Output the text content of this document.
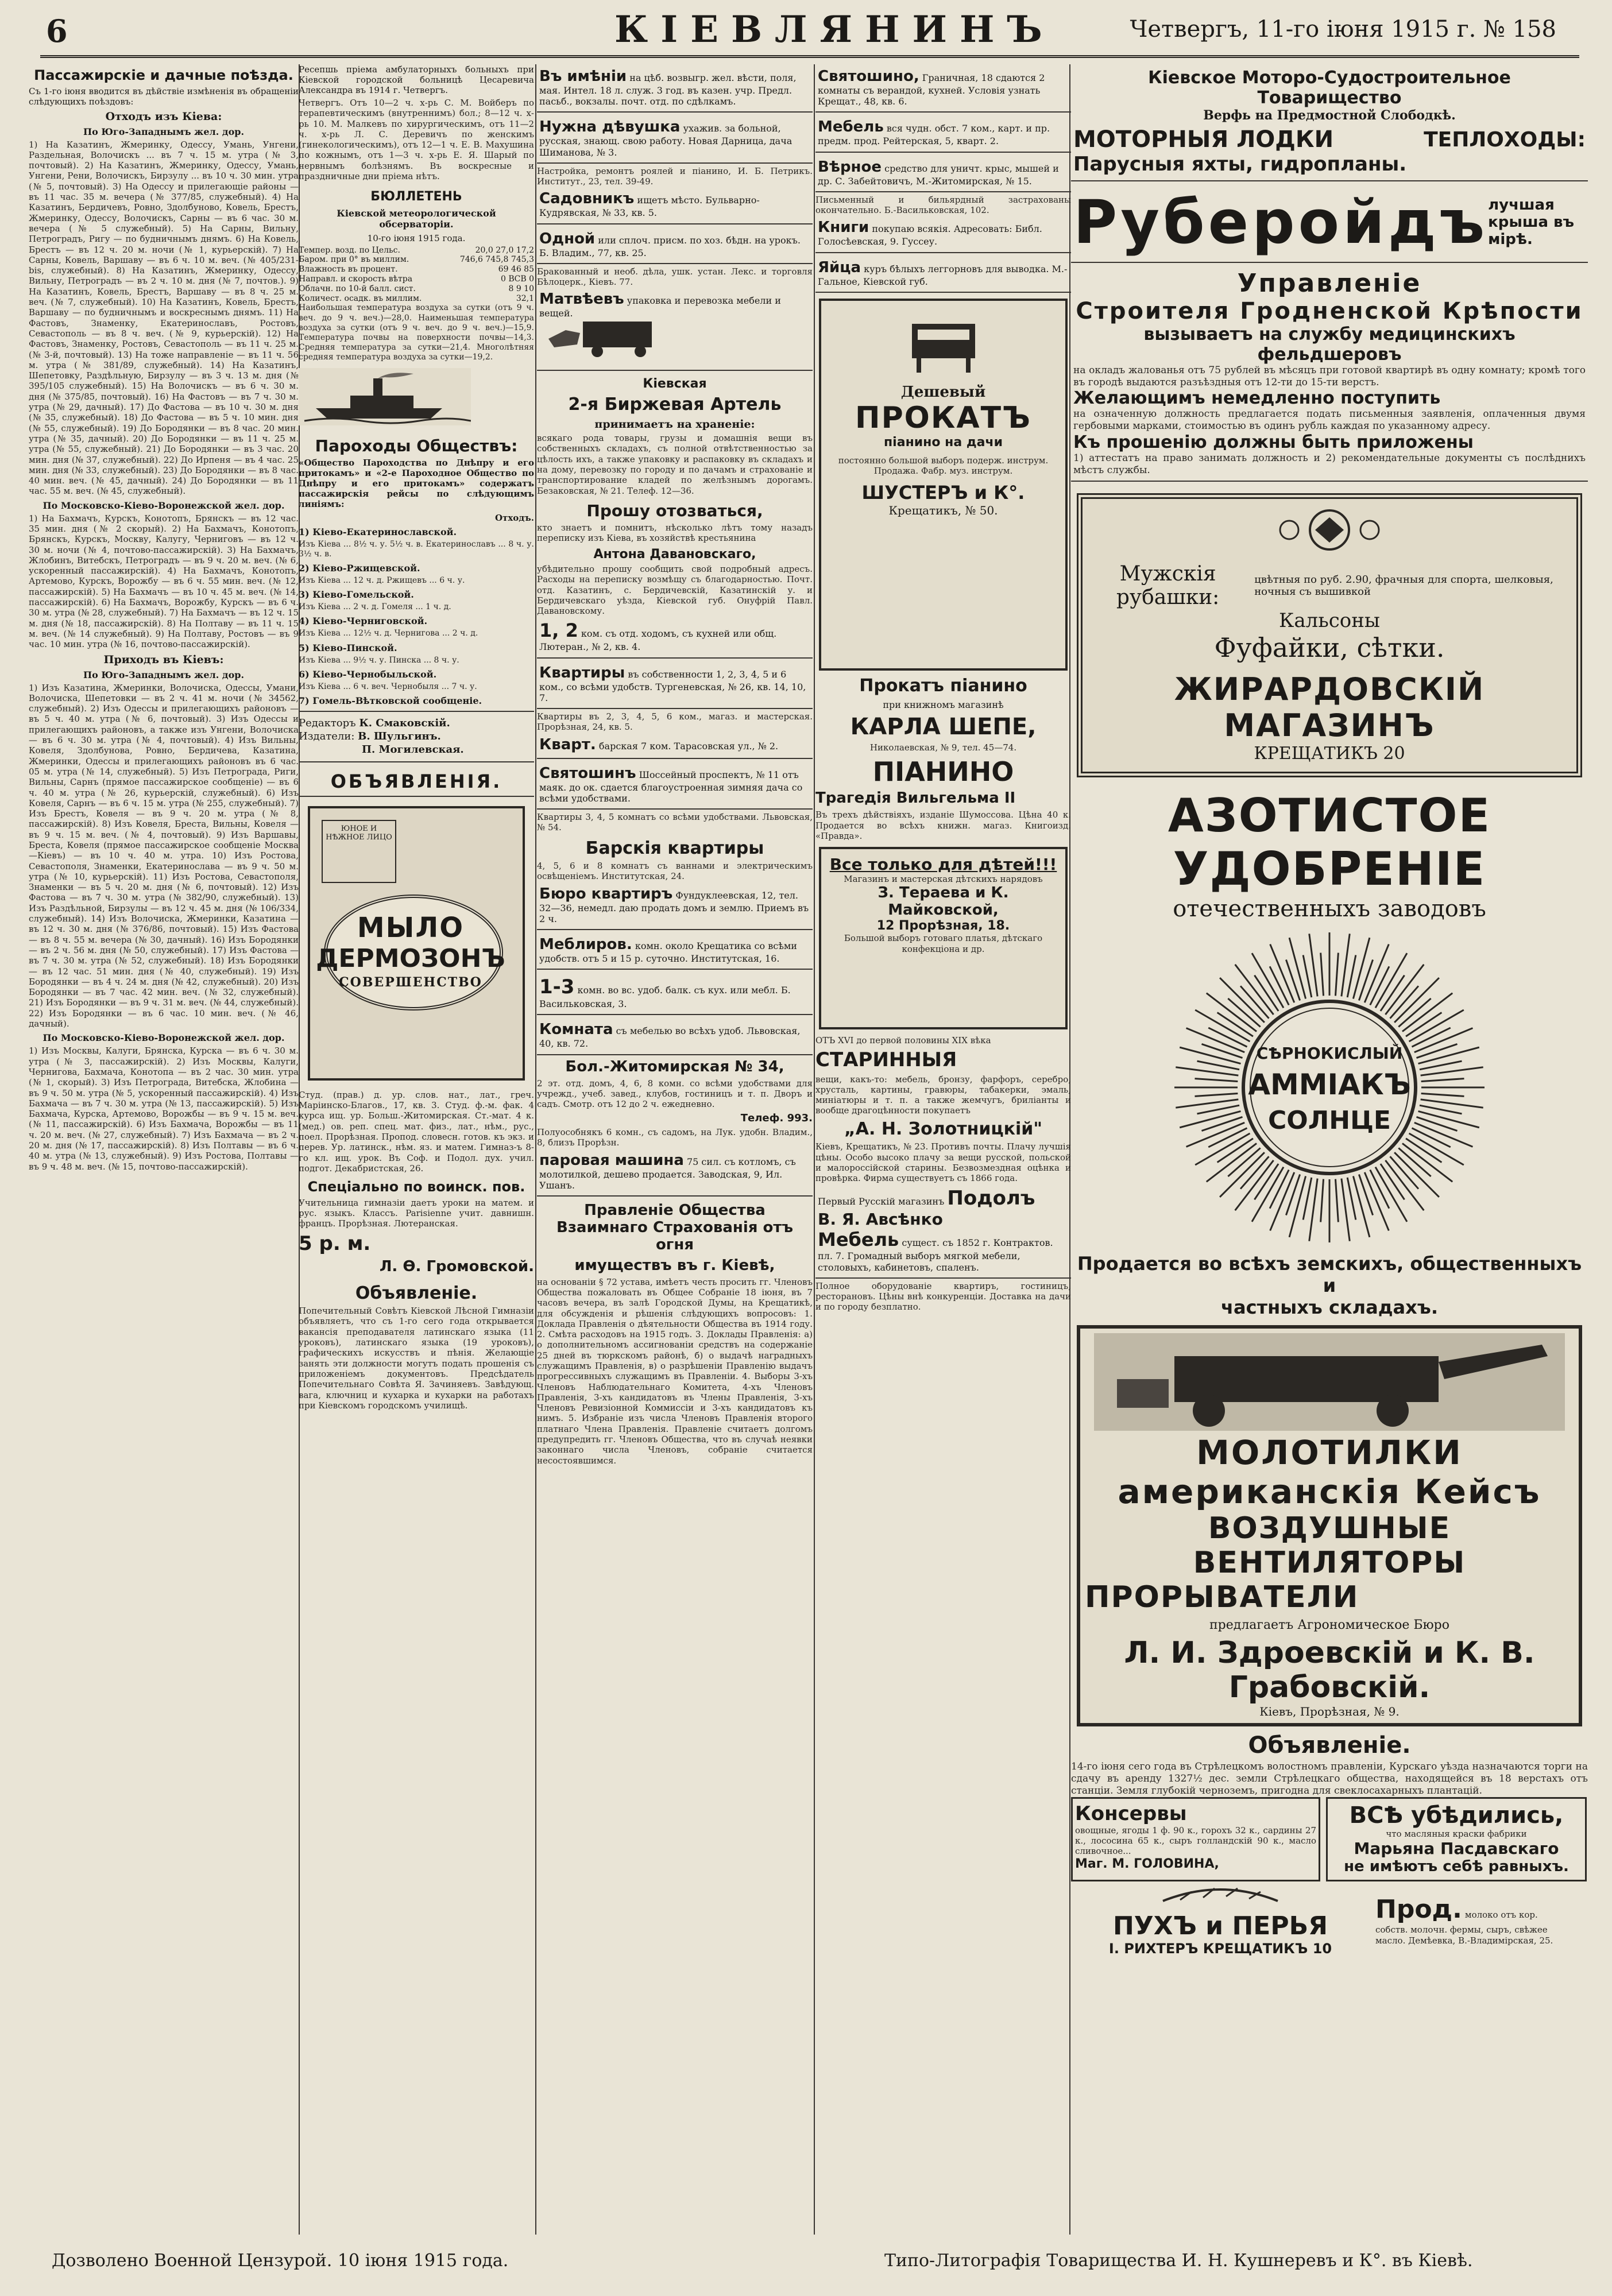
6	КІЕВЛЯНИНЪ	Четвергъ, 11-го іюня 1915 г. № 158
Пассажирскіе и дачные поѣзда.

Съ 1-го іюня вводится въ дѣйствіе измѣненія въ обращеніи слѣдующихъ поѣздовъ:

Отходъ изъ Кіева:
По Юго-Западнымъ жел. дор.

1) На Казатинъ, Жмеринку, Одессу, Умань, Унгени, Раздельная, Волочискъ ... въ 7 ч. 15 м. утра (№ 3, почтовый). 2) На Казатинъ, Жмеринку, Одессу, Умань, Унгени, Рени, Волочискъ, Бирзулу ... въ 10 ч. 30 мин. утра (№ 5, почтовый). 3) На Одессу и прилегающіе районы — въ 11 час. 35 м. вечера (№ 377/85, служебный). 4) На Казатинъ, Бердичевъ, Ровно, Здолбуново, Ковель, Брестъ, Жмеринку, Одессу, Волочискъ, Сарны — въ 6 час. 30 м. вечера (№ 5 служебный). 5) На Сарны, Вильну, Петроградъ, Ригу — по будничнымъ днямъ. 6) На Ковель, Брестъ — въ 12 ч. 20 м. ночи (№ 1, курьерскій). 7) На Сарны, Ковель, Варшаву — въ 6 ч. 10 м. веч. (№ 405/231-bis, служебный). 8) На Казатинъ, Жмеринку, Одессу, Вильну, Петроградъ — въ 2 ч. 10 м. дня (№ 7, почтов.). 9) На Казатинъ, Ковель, Брестъ, Варшаву — въ 8 ч. 25 м. веч. (№ 7, служебный). 10) На Казатинъ, Ковель, Брестъ, Варшаву — по будничнымъ и воскреснымъ днямъ. 11) На Фастовъ, Знаменку, Екатеринославъ, Ростовъ, Севастополь — въ 8 ч. веч. (№ 9, курьерскій). 12) На Фастовъ, Знаменку, Ростовъ, Севастополь — въ 11 ч. 25 м. (№ 3-й, почтовый). 13) На тоже направленіе — въ 11 ч. 56 м. утра (№ 381/89, служебный). 14) На Казатинъ, Шепетовку, Раздѣльную, Бирзулу — въ 3 ч. 13 м. дня (№ 395/105 служебный). 15) На Волочискъ — въ 6 ч. 30 м. дня (№ 375/85, почтовый). 16) На Фастовъ — въ 7 ч. 30 м. утра (№ 29, дачный). 17) До Фастова — въ 10 ч. 30 м. дня (№ 35, служебный). 18) До Фастова — въ 5 ч. 10 мин. дня (№ 55, служебный). 19) До Бородянки — въ 8 час. 20 мин. утра (№ 35, дачный). 20) До Бородянки — въ 11 ч. 25 м. утра (№ 55, служебный). 21) До Бородянки — въ 3 час. 20 мин. дня (№ 37, служебный). 22) До Ирпеня — въ 4 час. 25 мин. дня (№ 33, служебный). 23) До Бородянки — въ 8 час. 40 мин. веч. (№ 45, дачный). 24) До Бородянки — въ 11 час. 55 м. веч. (№ 45, служебный).

По Московско-Кіево-Воронежской жел. дор.

1) На Бахмачъ, Курскъ, Конотопъ, Брянскъ — въ 12 час. 35 мин. дня (№ 2 скорый). 2) На Бахмачъ, Конотопъ, Брянскъ, Курскъ, Москву, Калугу, Черниговъ — въ 12 ч. 30 м. ночи (№ 4, почтово-пассажирскій). 3) На Бахмачъ, Жлобинъ, Витебскъ, Петроградъ — въ 9 ч. 20 м. веч. (№ 6, ускоренный пассажирскій). 4) На Бахмачъ, Конотопъ, Артемово, Курскъ, Ворожбу — въ 6 ч. 55 мин. веч. (№ 12, пассажирскій). 5) На Бахмачъ — въ 10 ч. 45 м. веч. (№ 14, пассажирскій). 6) На Бахмачъ, Ворожбу, Курскъ — въ 6 ч. 30 м. утра (№ 28, служебный). 7) На Бахмачъ — въ 12 ч. 15 м. дня (№ 18, пассажирскій). 8) На Полтаву — въ 11 ч. 15 м. веч. (№ 14 служебный). 9) На Полтаву, Ростовъ — въ 9 час. 10 мин. утра (№ 16, почтово-пассажирскій).

Приходъ въ Кіевъ:
По Юго-Западнымъ жел. дор.

1) Изъ Казатина, Жмеринки, Волочиска, Одессы, Умани, Волочиска, Шепетовки — въ 2 ч. 41 м. ночи (№ 34562, служебный). 2) Изъ Одессы и прилегающихъ районовъ — въ 5 ч. 40 м. утра (№ 6, почтовый). 3) Изъ Одессы и прилегающихъ районовъ, а также изъ Унгени, Волочиска — въ 6 ч. 30 м. утра (№ 4, почтовый). 4) Изъ Вильны, Ковеля, Здолбунова, Ровно, Бердичева, Казатина, Жмеринки, Одессы и прилегающихъ районовъ въ 6 час. 05 м. утра (№ 14, служебный). 5) Изъ Петрограда, Риги, Вильны, Сарнъ (прямое пассажирское сообщеніе) — въ 6 ч. 40 м. утра (№ 26, курьерскій, служебный). 6) Изъ Ковеля, Сарнъ — въ 6 ч. 15 м. утра (№ 255, служебный). 7) Изъ Брестъ, Ковеля — въ 9 ч. 20 м. утра (№ 8, пассажирскій). 8) Изъ Ковеля, Бреста, Вильны, Ковеля — въ 9 ч. 15 м. веч. (№ 4, почтовый). 9) Изъ Варшавы, Бреста, Ковеля (прямое пассажирское сообщеніе Москва—Кіевъ) — въ 10 ч. 40 м. утра. 10) Изъ Ростова, Севастополя, Знаменки, Екатеринослава — въ 9 ч. 50 м. утра (№ 10, курьерскій). 11) Изъ Ростова, Севастополя, Знаменки — въ 5 ч. 20 м. дня (№ 6, почтовый). 12) Изъ Фастова — въ 7 ч. 30 м. утра (№ 382/90, служебный). 13) Изъ Раздѣльной, Бирзулы — въ 12 ч. 45 м. дня (№ 106/334, служебный). 14) Изъ Волочиска, Жмеринки, Казатина — въ 12 ч. 30 м. дня (№ 376/86, почтовый). 15) Изъ Фастова — въ 8 ч. 55 м. вечера (№ 30, дачный). 16) Изъ Бородянки — въ 2 ч. 56 м. дня (№ 50, служебный). 17) Изъ Фастова — въ 7 ч. 30 м. утра (№ 52, служебный). 18) Изъ Бородянки — въ 12 час. 51 мин. дня (№ 40, служебный). 19) Изъ Бородянки — въ 4 ч. 24 м. дня (№ 42, служебный). 20) Изъ Бородянки — въ 7 час. 42 мин. веч. (№ 32, служебный). 21) Изъ Бородянки — въ 9 ч. 31 м. веч. (№ 44, служебный). 22) Изъ Бородянки — въ 6 час. 10 мин. веч. (№ 46, дачный).

По Московско-Кіево-Воронежской жел. дор.

1) Изъ Москвы, Калуги, Брянска, Курска — въ 6 ч. 30 м. утра (№ 3, пассажирскій). 2) Изъ Москвы, Калуги, Чернигова, Бахмача, Конотопа — въ 2 час. 30 мин. утра (№ 1, скорый). 3) Изъ Петрограда, Витебска, Жлобина — въ 9 ч. 50 м. утра (№ 5, ускоренный пассажирскій). 4) Изъ Бахмача — въ 7 ч. 30 м. утра (№ 13, пассажирскій). 5) Изъ Бахмача, Курска, Артемово, Ворожбы — въ 9 ч. 15 м. веч. (№ 11, пассажирскій). 6) Изъ Бахмача, Ворожбы — въ 11 ч. 20 м. веч. (№ 27, служебный). 7) Изъ Бахмача — въ 2 ч. 20 м. дня (№ 17, пассажирскій). 8) Изъ Полтавы — въ 6 ч. 40 м. утра (№ 13, служебный). 9) Изъ Ростова, Полтавы — въ 9 ч. 48 м. веч. (№ 15, почтово-пассажирскій).

Ресепшь пріема амбулаторныхъ больныхъ при Кіевской городской больницѣ Цесаревича Александра въ 1914 г. Четвергъ.

Четвергъ. Отъ 10—2 ч. х-рь С. М. Войберъ по терапевтическимъ (внутреннимъ) бол.; 8—12 ч. х-рь 10. М. Малкевъ по хирургическимъ, отъ 11—2 ч. х-рь Л. С. Деревичъ по женскимъ (гинекологическимъ), отъ 12—1 ч. Е. В. Махушина по кожнымъ, отъ 1—3 ч. х-рь Е. Я. Шарый по нервнымъ болѣзнямъ. Въ воскресные и праздничные дни пріема нѣтъ.

БЮЛЛЕТЕНЬ
Кіевской метеорологической обсерваторіи.
10-го іюня 1915 года.
Темпер. возд. по Цельс.	20,0 27,0 17,2
Баром. при 0° въ миллим.	746,6 745,8 745,3
Влажность въ процент.	69 46 85
Направл. и скорость вѣтра	0 ВСВ 0
Облачн. по 10-й балл. сист.	8 9 10
Количест. осадк. въ миллим.	32,1

Наибольшая температура воздуха за сутки (отъ 9 ч. веч. до 9 ч. веч.)—28,0. Наименьшая температура воздуха за сутки (отъ 9 ч. веч. до 9 ч. веч.)—15,9. Температура почвы на поверхности почвы—14,3. Средняя температура за сутки—21,4. Многолѣтняя средняя температура воздуха за сутки—19,2.

Пароходы Обществъ:

«Общество Пароходства по Днѣпру и его притокамъ» и «2-е Пароходное Общество по Днѣпру и его притокамъ» содержатъ пассажирскія рейсы по слѣдующимъ линіямъ:

Отходъ.
1) Кіево-Екатеринославской.

Изъ Кіева ... 8½ ч. у. 5½ ч. в. Екатеринославъ ... 8 ч. у. 3½ ч. в.

2) Кіево-Ржищевской.

Изъ Кіева ... 12 ч. д. Ржищевъ ... 6 ч. у.

3) Кіево-Гомельской.

Изъ Кіева ... 2 ч. д. Гомеля ... 1 ч. д.

4) Кіево-Черниговской.

Изъ Кіева ... 12½ ч. д. Чернигова ... 2 ч. д.

5) Кіево-Пинской.

Изъ Кіева ... 9½ ч. у. Пинска ... 8 ч. у.

6) Кіево-Чернобыльской.

Изъ Кіева ... 6 ч. веч. Чернобыля ... 7 ч. у.

7) Гомель-Вѣтковской сообщеніе.
Редакторъ К. Смаковскій.
Издатели: В. Шульгинъ.
П. Могилевская.
ОБЪЯВЛЕНІЯ.
ЮНОЕ И НѢЖНОЕ ЛИЦО
МЫЛО
ДЕРМОЗОНЪ
СОВЕРШЕНСТВО

Студ. (прав.) д. ур. слов. нат., лат., греч. Маріинско-Благов., 17, кв. 3. Студ. ф.-м. фак. 4 курса ищ. ур. Больш.-Житомирская. Ст.-мат. 4 к. (мед.) ов. реп. спец. мат. физ., лат., нѣм., рус., поел. Прорѣзная. Пропод. словесн. готов. къ экз. и перев. Ур. латинск., нѣм. яз. и матем. Гимназ-ъ 8-го кл. ищ. урок. Въ Соф. и Подол. дух. учил. подгот. Декабристская, 26.

Спеціально по воинск. пов.

Учительница гимназіи даетъ уроки на матем. и рус. языкъ. Классъ. Parisienne учит. давнишн. францъ. Прорѣзная. Лютеранская.

5 р. м.
Л. Ѳ. Громовской.
Объявленіе.

Попечительный Совѣтъ Кіевской Лѣсной Гимназіи объявляетъ, что съ 1-го сего года открывается вакансія преподавателя латинскаго языка (11 уроковъ), латинскаго языка (19 уроковъ), графическихъ искусствъ и пѣнія. Желающіе занять эти должности могутъ подать прошенія съ приложеніемъ документовъ. Предсѣдатель Попечительнаго Совѣта Я. Зачиняевъ. Завѣдующ. вага, ключниц и кухарка и кухарки на работахъ при Кіевскомъ городскомъ училищѣ.

Въ имѣніи на цѣб. возвыгр. жел. вѣсти, поля, мая. Интел. 18 л. служ. 3 год. въ казен. учр. Предл. пасьб., вокзалы. почт. отд. по сдѣлкамъ.
Нужна дѣвушка ухажив. за больной, русская, знающ. свою работу. Новая Дарница, дача Шиманова, № 3.

Настройка, ремонтъ роялей и піанино, И. Б. Петрикъ. Институт., 23, тел. 39-49.

Садовникъ ищетъ мѣсто. Бульварно-Кудрявская, № 33, кв. 5.
Одной или сплоч. приcм. по хоз. бѣдн. на урокъ. Б. Владим., 77, кв. 25.

Бракованный и необ. дѣла, ушк. устан. Лекс. и торговля Бѣлоцерк., Кіевъ. 77.

Матвѣевъ упаковка и перевозка мебели и вещей.
Кіевская
2-я Биржевая Артель
принимаетъ на храненіе:

всякаго рода товары, грузы и домашнія вещи въ собственныхъ складахъ, съ полной отвѣтственностью за цѣлость ихъ, а также упаковку и распаковку въ складахъ и на дому, перевозку по городу и по дачамъ и страхованіе и транспортирование кладей по желѣзнымъ дорогамъ. Безаковская, № 21. Телеф. 12—36.

Прошу отозваться,

кто знаетъ и помнитъ, нѣсколько лѣтъ тому назадъ переписку изъ Кіева, въ хозяйствѣ крестьянина

Антона Давановскаго,

убѣдительно прошу сообщить свой подробный адресъ. Расходы на переписку возмѣщу съ благодарностью. Почт. отд. Казатинъ, с. Бердичевскій, Казатинскій у. и Бердичевскаго уѣзда, Кіевской губ. Онуфрій Павл. Давановскому.

1, 2 ком. съ отд. ходомъ, съ кухней или общ. Лютеран., № 2, кв. 4.
Квартиры въ собственности 1, 2, 3, 4, 5 и 6 ком., со всѣми удобств. Тургеневская, № 26, кв. 14, 10, 7.

Квартиры въ 2, 3, 4, 5, 6 ком., магаз. и мастерская. Прорѣзная, 24, кв. 5.

Кварт. барская 7 ком. Тарасовская ул., № 2.
Святошинъ Шоссейный проспектъ, № 11 отъ маяк. до ок. сдается благоустроенная зимняя дача со всѣми удобствами.

Квартиры 3, 4, 5 комнатъ со всѣми удобствами. Львовская, № 54.

Барскія квартиры

4, 5, 6 и 8 комнатъ съ ваннами и электрическимъ освѣщеніемъ. Институтская, 24.

Бюро квартиръ Фундуклеевская, 12, тел. 32—36, немедл. даю продать домъ и землю. Приемъ въ 2 ч.
Меблиров. комн. около Крещатика со всѣми удобств. отъ 5 и 15 р. суточно. Институтская, 16.
1-3 комн. во вс. удоб. балк. съ кух. или мебл. Б. Васильковская, 3.
Комната съ мебелью во всѣхъ удоб. Львовская, 40, кв. 72.
Бол.-Житомирская № 34,

2 эт. отд. домъ, 4, 6, 8 комн. со всѣми удобствами для учрежд., учеб. завед., клубов, гостиницъ и т. п. Дворъ и садъ. Смотр. отъ 12 до 2 ч. ежедневно.

Телеф. 993.

Полуособнякъ 6 комн., съ садомъ, на Лук. удобн. Владим., 8, близъ Прорѣзн.

паровая машина 75 сил. съ котломъ, съ молотилкой, дешево продается. Заводская, 9, Ил. Ушанъ.
Правленіе Общества Взаимнаго Страхованія отъ огня
имуществъ въ г. Кіевѣ,

на основаніи § 72 устава, имѣетъ честь просить гг. Членовъ Общества пожаловать въ Общее Собраніе 18 іюня, въ 7 часовъ вечера, въ залѣ Городской Думы, на Крещатикѣ, для обсужденія и рѣшенія слѣдующихъ вопросовъ: 1. Доклада Правленія о дѣятельности Общества въ 1914 году. 2. Смѣта расходовъ на 1915 годъ. 3. Доклады Правленія: а) о дополнительномъ ассигнованіи средствъ на содержаніе 25 дней въ тюркскомъ районѣ, б) о выдачѣ наградныхъ служащимъ Правленія, в) о разрѣшеніи Правленію выдачъ прогрессивныхъ служащимъ въ Правленіи. 4. Выборы 3-хъ Членовъ Наблюдательнаго Комитета, 4-хъ Членовъ Правленія, 3-хъ кандидатовъ въ Члены Правленія, 3-хъ Членовъ Ревизіонной Коммиссіи и 3-хъ кандидатовъ къ нимъ. 5. Избраніе изъ числа Членовъ Правленія второго платнаго Члена Правленія. Правленіе считаетъ долгомъ предупредить гг. Членовъ Общества, что въ случаѣ неявки законнаго числа Членовъ, собраніе считается несостоявшимся.

Святошино, Граничная, 18 сдаются 2 комнаты съ верандой, кухней. Условія узнать Крещат., 48, кв. 6.
Мебель вся чудн. обст. 7 ком., карт. и пр. предм. прод. Рейтерская, 5, кварт. 2.
Вѣрное средство для уничт. крыс, мышей и др. С. Забейтовичъ, М.-Житомирская, № 15.

Письменный и бильярдный застрахованы окончательно. Б.-Васильковская, 102.

Книги покупаю всякія. Адресовать: Библ. Голосѣевская, 9. Гуссеу.
Яйца куръ бѣлыхъ леггорновъ для выводка. М.-Гальное, Кіевской губ.
Дешевый
ПРОКАТЪ
піанино на дачи

постоянно большой выборъ подерж. инструм. Продажа. Фабр. муз. инструм.

ШУСТЕРЪ и К°.
Крещатикъ, № 50.
Прокатъ піанино
при книжномъ магазинѣ
КАРЛА ШЕПЕ,

Николаевская, № 9, тел. 45—74.

ПІАНИНО
Трагедія Вильгельма II

Въ трехъ дѣйствіяхъ, изданіе Шумоссова. Цѣна 40 к. Продается во всѣхъ книжн. магаз. Книгоизд. «Правда».

Все только для дѣтей!!!

Магазинъ и мастерская дѣтскихъ нарядовъ

З. Тераева и К. Майковской,
12 Прорѣзная, 18.

Большой выборъ готоваго платья, дѣтскаго конфекціона и др.

ОТЪ XVI до первой половины XIX вѣка

СТАРИННЫЯ

вещи, какъ-то: мебель, бронзу, фарфоръ, серебро, хрусталь, картины, гравюры, табакерки, эмаль, миніатюры и т. п. а также жемчугъ, бриліанты и вообще драгоцѣнности покупаетъ

„А. Н. Золотницкій"

Кіевъ, Крещатикъ, № 23. Противъ почты. Плачу лучшія цѣны. Особо высоко плачу за вещи русской, польской и малороссійской старины. Безвозмездная оцѣнка и провѣрка. Фирма существуетъ съ 1866 года.

Первый Русскій магазинъ Подолъ
В. Я. Авсѣнко
Мебель сущест. съ 1852 г. Контрактов. пл. 7. Громадный выборъ мягкой мебели, столовыхъ, кабинетовъ, спаленъ.

Полное оборудованіе квартиръ, гостиницъ, ресторановъ. Цѣны внѣ конкуренціи. Доставка на дачи и по городу безплатно.

Кіевское Моторо-Судостроительное Товарищество
Верфь на Предмостной Слободкѣ.
МОТОРНЫЯ ЛОДКИ	ТЕПЛОХОДЫ:
Парусныя яхты, гидропланы.
Руберойдъ лучшая крыша въ мірѣ.
Управленіе
Строителя Гродненской Крѣпости
вызываетъ на службу медицинскихъ фельдшеровъ

на окладъ жалованья отъ 75 рублей въ мѣсяцъ при готовой квартирѣ въ одну комнату; кромѣ того въ городѣ выдаются разъѣздныя отъ 12-ти до 15-ти верстъ.

Желающимъ немедленно поступить

на означенную должность предлагается подать письменныя заявленія, оплаченныя двумя гербовыми марками, стоимостью въ одинъ рубль каждая по указанному адресу.

Къ прошенію должны быть приложены

1) аттестатъ на право занимать должность и 2) рекомендательные документы съ послѣднихъ мѣстъ службы.

Мужскія рубашки:
цвѣтныя по руб. 2.90, фрачныя для спорта, шелковыя, ночныя съ вышивкой
Кальсоны
Фуфайки, сѣтки.
ЖИРАРДОВСКІЙ МАГАЗИНЪ
КРЕЩАТИКЪ 20
АЗОТИСТОЕ УДОБРЕНІЕ
отечественныхъ заводовъ
СѢРНОКИСЛЫЙ
АММІАКЪ
СОЛНЦЕ
Продается во всѣхъ земскихъ, общественныхъ и
частныхъ складахъ.
МОЛОТИЛКИ американскія Кейсъ
ВОЗДУШНЫЕ ВЕНТИЛЯТОРЫ
ПРОРЫВАТЕЛИ
предлагаетъ Агрономическое Бюро
Л. И. Здроевскій и К. В. Грабовскій.
Кіевъ, Прорѣзная, № 9.
Объявленіе.

14-го іюня сего года въ Стрѣлецкомъ волостномъ правленіи, Курскаго уѣзда назначаются торги на сдачу въ аренду 1327½ дес. земли Стрѣлецкаго общества, находящейся въ 18 верстахъ отъ станціи. Земля глубокій черноземъ, пригодна для свеклосахарныхъ плантацій.

Консервы

овощные, ягоды 1 ф. 90 к., горохъ 32 к., сардины 27 к., лососина 65 к., сыръ голландскій 90 к., масло сливочное...

Маг. М. ГОЛОВИНА,
ВСѢ убѣдились,

что масляныя краски фабрики

Марьяна Пасдавскаго
не имѣютъ себѣ равныхъ.
ПУХЪ и ПЕРЬЯ
І. РИХТЕРЪ КРЕЩАТИКЪ 10
Прод. молоко отъ кор. собств. молочн. фермы, сыръ, свѣжее масло. Демѣевка, В.-Владимірская, 25.
Дозволено Военной Цензурой. 10 іюня 1915 года.	Типо-Литографія Товарищества И. Н. Кушнеревъ и К°. въ Кіевѣ.
